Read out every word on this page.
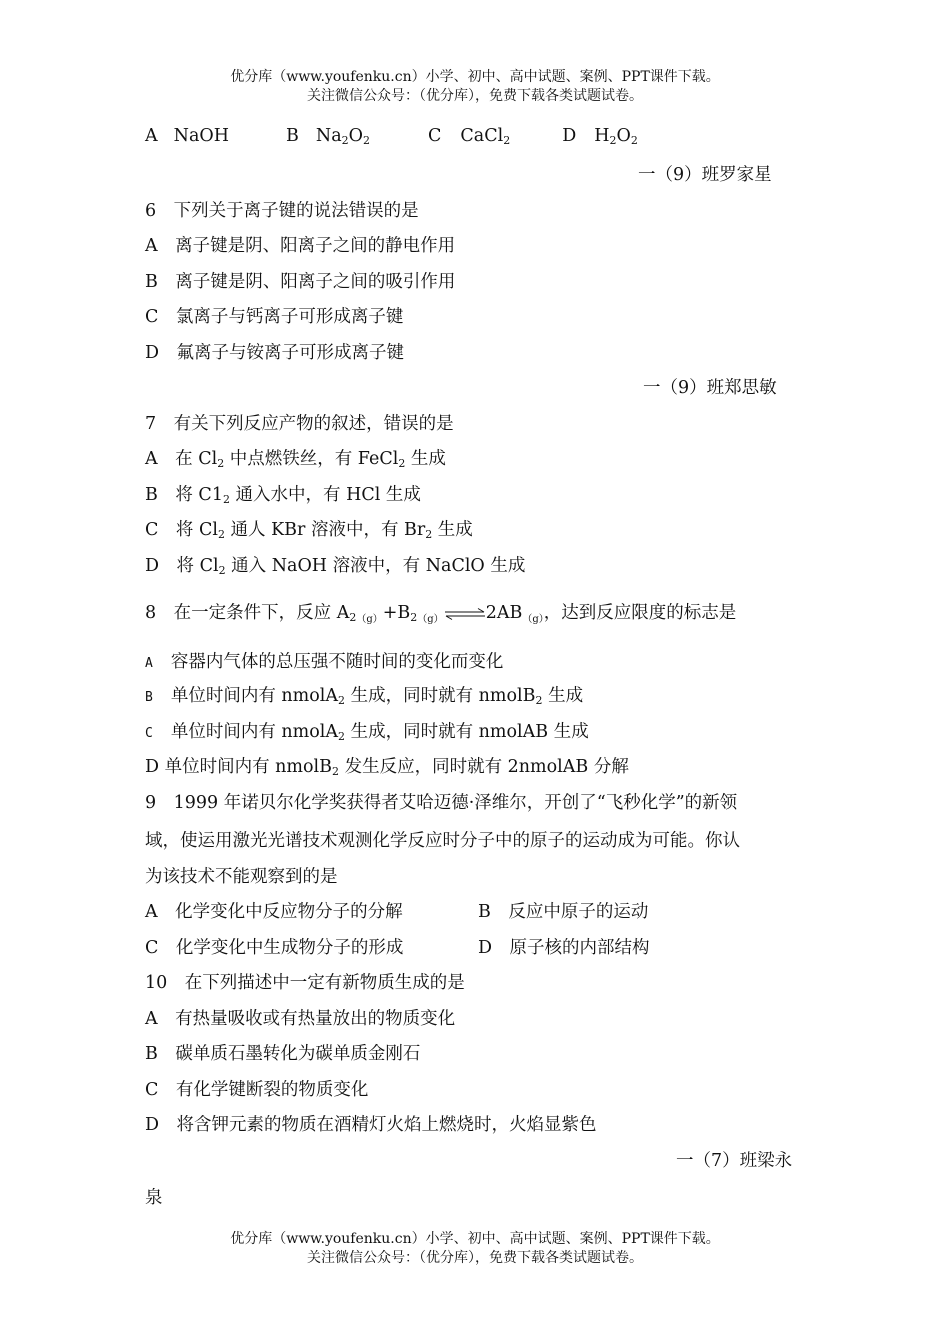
优分库（www.youfenku.cn）小学、初中、高中试题、案例、PPT课件下载。
关注微信公众号：（优分库），免费下载各类试题试卷。
A NaOH	B $Na_2O_2$	C CaCl$_2$	D $H_2O_2$
一（9）班罗家星
6　下列关于离子键的说法错误的是
A　离子键是阴、阳离子之间的静电作用
B　离子键是阴、阳离子之间的吸引作用
C　氯离子与钙离子可形成离子键
D　氟离子与铵离子可形成离子键
一（9）班郑思敏
7　有关下列反应产物的叙述，错误的是
A　在 $Cl_2$ 中点燃铁丝，有 FeCl$_2$ 生成
B　将 $C1_2$ 通入水中，有 HCl 生成
C　将 $Cl_2$ 通人 KBr 溶液中，有 $Br_2$ 生成
D　将 $Cl_2$ 通入 NaOH 溶液中，有 NaClO 生成
8　在一定条件下，反应 $A_{2(g)}+B_{2(g)}\rightleftharpoons 2AB_{(g)}$，达到反应限度的标志是
A 容器内气体的总压强不随时间的变化而变化
B 单位时间内有 nmolA$_2$ 生成，同时就有 nmolB$_2$ 生成
C 单位时间内有 nmolA$_2$ 生成，同时就有 nmolAB 生成
D 单位时间内有 nmolB$_2$ 发生反应，同时就有 2nmolAB 分解
9　1999 年诺贝尔化学奖获得者艾哈迈德·泽维尔，开创了“飞秒化学”的新领
域，使运用激光光谱技术观测化学反应时分子中的原子的运动成为可能。你认
为该技术不能观察到的是
A　化学变化中反应物分子的分解	B　反应中原子的运动
C　化学变化中生成物分子的形成	D　原子核的内部结构
10　在下列描述中一定有新物质生成的是
A　有热量吸收或有热量放出的物质变化
B　碳单质石墨转化为碳单质金刚石
C　有化学键断裂的物质变化
D　将含钾元素的物质在酒精灯火焰上燃烧时，火焰显紫色
一（7）班梁永
泉
优分库（www.youfenku.cn）小学、初中、高中试题、案例、PPT课件下载。
关注微信公众号：（优分库），免费下载各类试题试卷。
